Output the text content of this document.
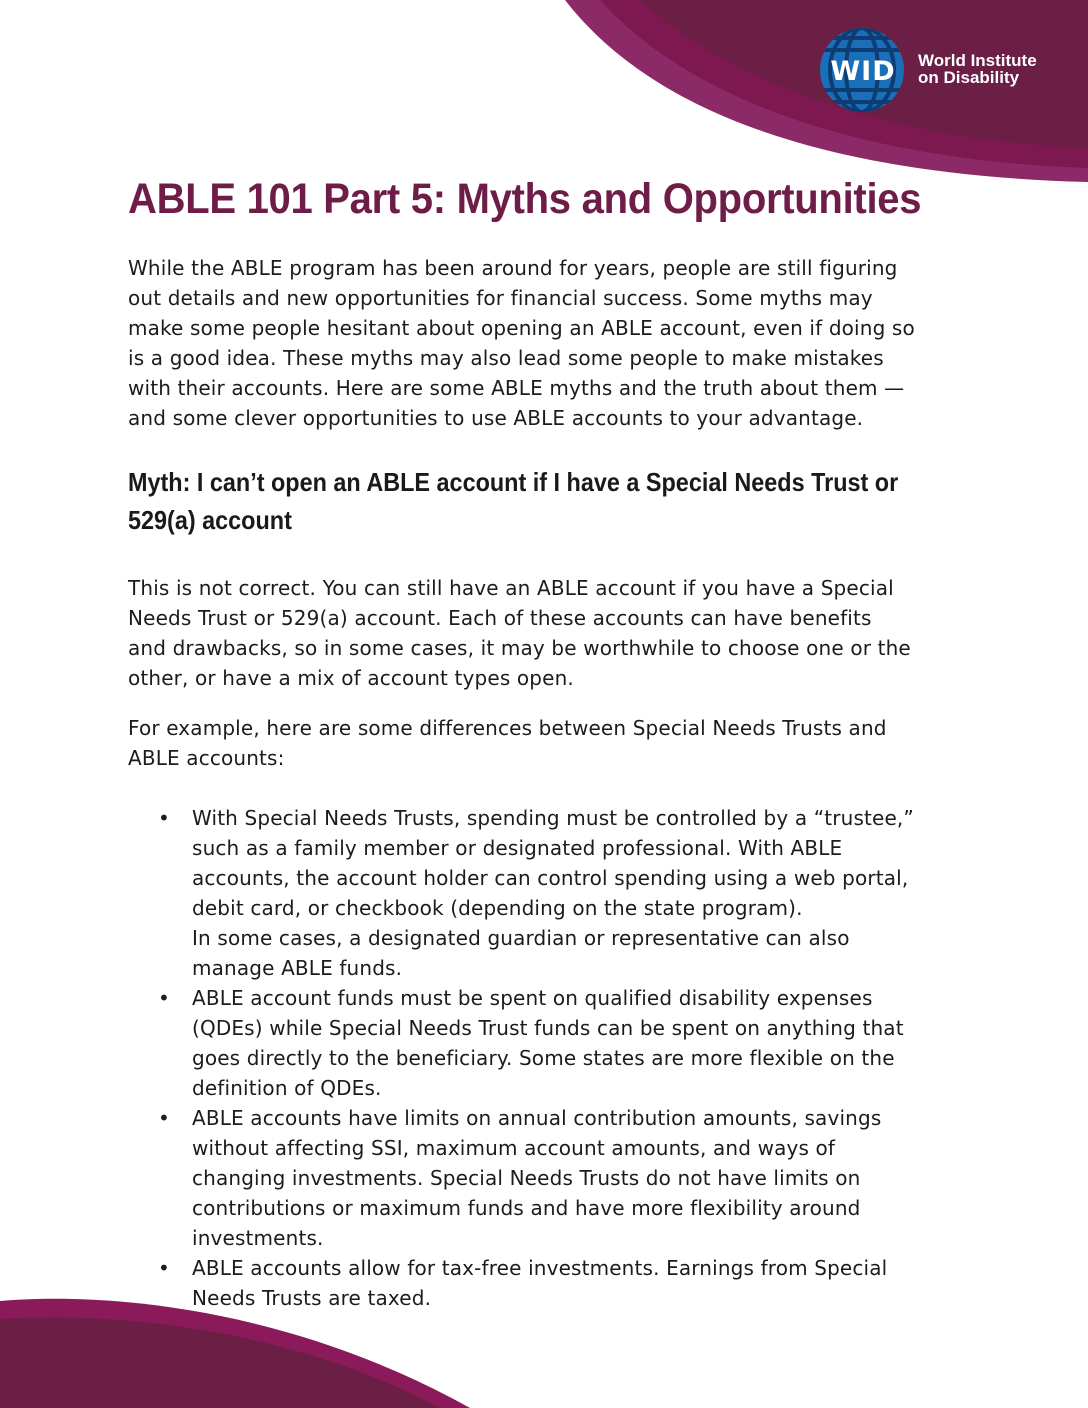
WID	World Institute
on Disability
ABLE 101 Part 5: Myths and Opportunities

While the ABLE program has been around for years, people are still figuring
out details and new opportunities for financial success. Some myths may
make some people hesitant about opening an ABLE account, even if doing so
is a good idea. These myths may also lead some people to make mistakes
with their accounts. Here are some ABLE myths and the truth about them —
and some clever opportunities to use ABLE accounts to your advantage.

Myth: I can’t open an ABLE account if I have a Special Needs Trust or
529(a) account

This is not correct. You can still have an ABLE account if you have a Special
Needs Trust or 529(a) account. Each of these accounts can have benefits
and drawbacks, so in some cases, it may be worthwhile to choose one or the
other, or have a mix of account types open.

For example, here are some differences between Special Needs Trusts and
ABLE accounts:

• With Special Needs Trusts, spending must be controlled by a “trustee,”
such as a family member or designated professional. With ABLE
accounts, the account holder can control spending using a web portal,
debit card, or checkbook (depending on the state program).
In some cases, a designated guardian or representative can also
manage ABLE funds.
• ABLE account funds must be spent on qualified disability expenses
(QDEs) while Special Needs Trust funds can be spent on anything that
goes directly to the beneficiary. Some states are more flexible on the
definition of QDEs.
• ABLE accounts have limits on annual contribution amounts, savings
without affecting SSI, maximum account amounts, and ways of
changing investments. Special Needs Trusts do not have limits on
contributions or maximum funds and have more flexibility around
investments.
• ABLE accounts allow for tax-free investments. Earnings from Special
Needs Trusts are taxed.
